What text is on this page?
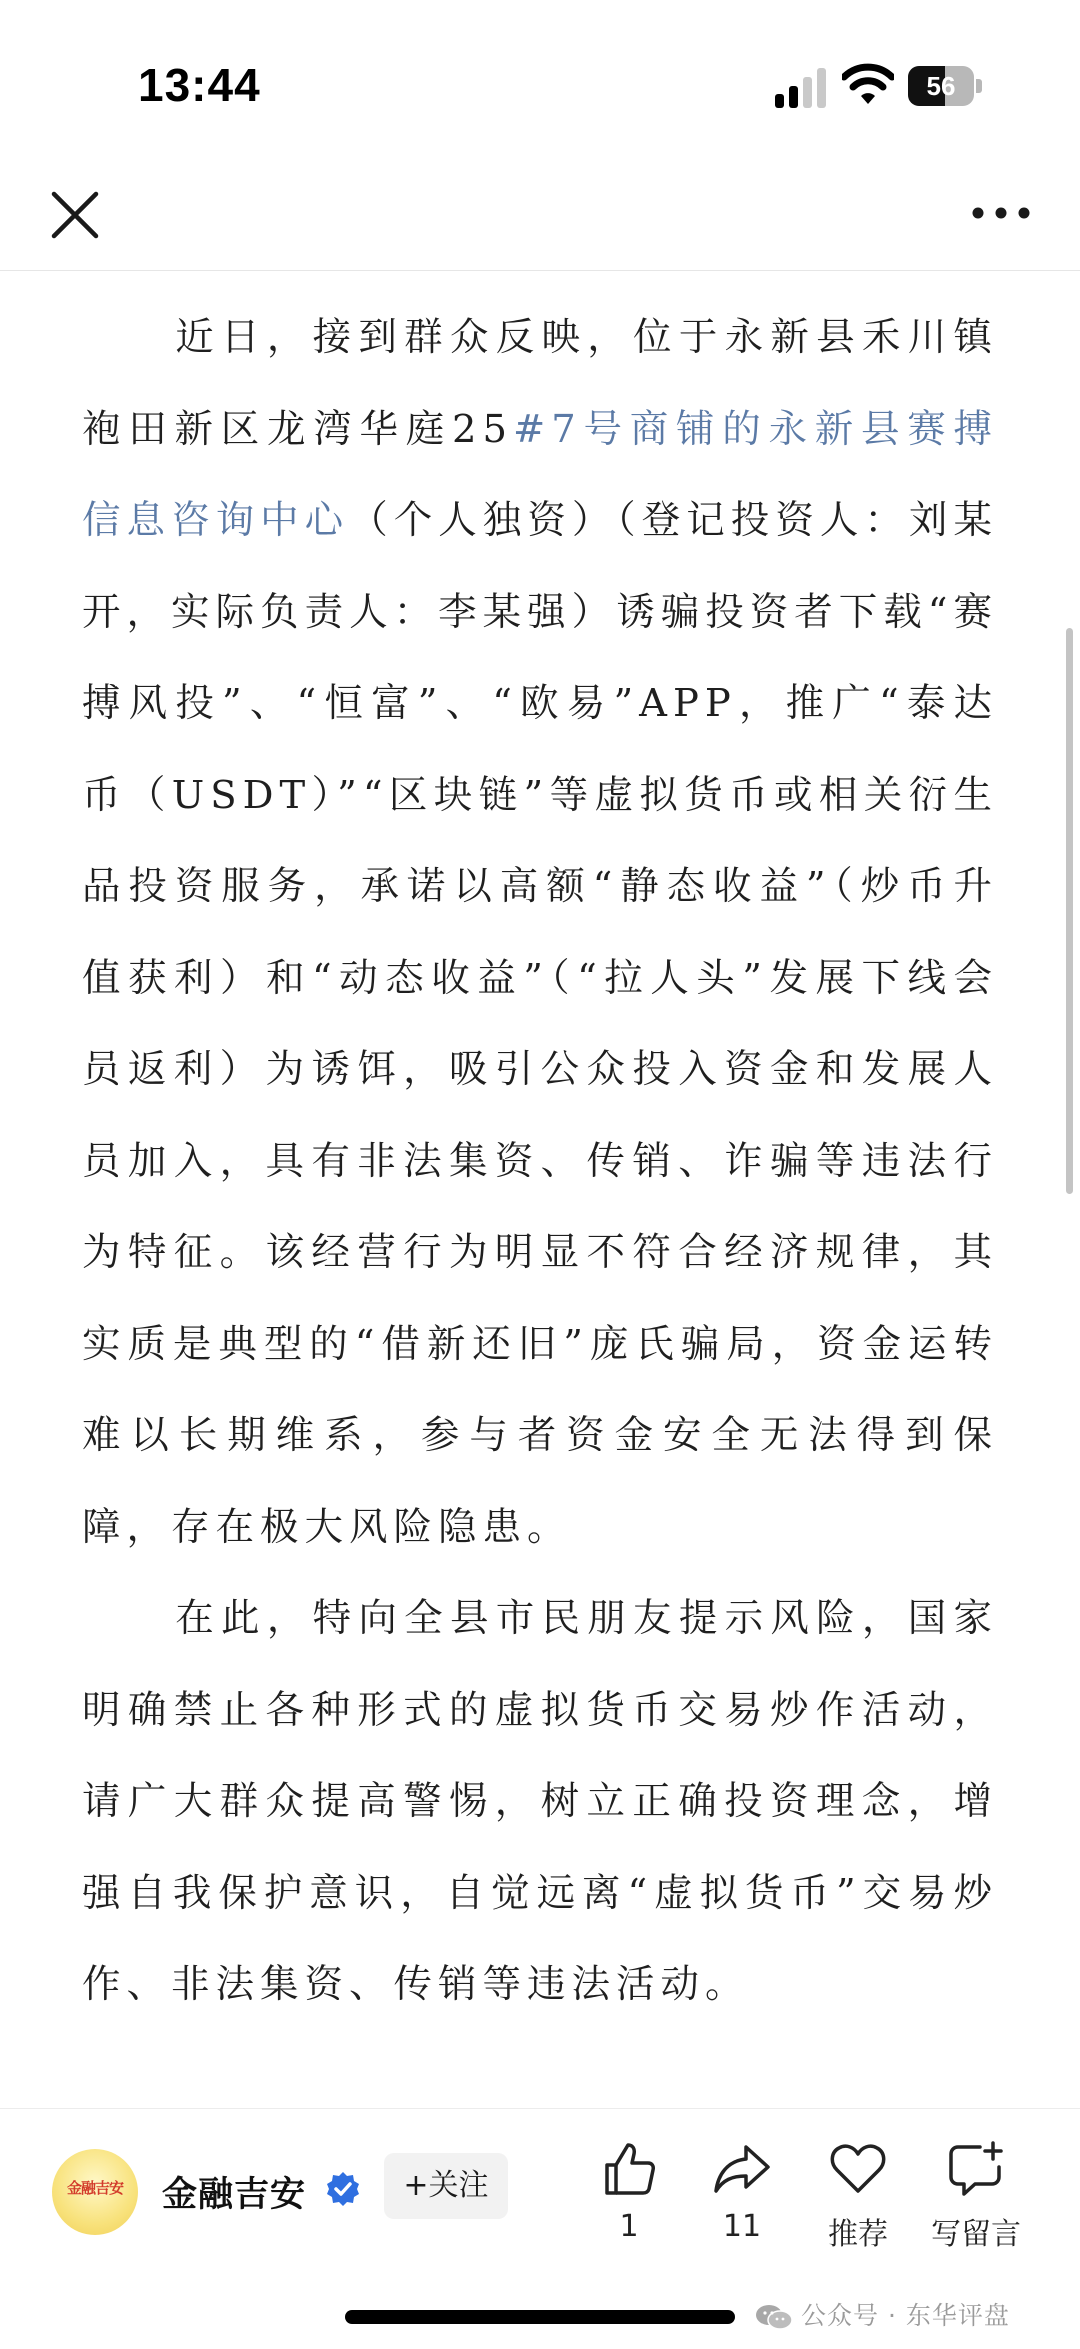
13:44	56

近日，接到群众反映，位于永新县禾川镇袍田新区龙湾华庭25#7号商铺的永新县赛搏信息咨询中心（个人独资）（登记投资人：刘某开，实际负责人：李某强）诱骗投资者下载“赛搏风投”、“恒富”、“欧易”APP，推广“泰达币（USDT）”“区块链”等虚拟货币或相关衍生品投资服务，承诺以高额“静态收益”（炒币升值获利）和“动态收益”（“拉人头”发展下线会员返利）为诱饵，吸引公众投入资金和发展人员加入，具有非法集资、传销、诈骗等违法行为特征。该经营行为明显不符合经济规律，其实质是典型的“借新还旧”庞氏骗局，资金运转难以长期维系，参与者资金安全无法得到保障，存在极大风险隐患。

在此，特向全县市民朋友提示风险，国家明确禁止各种形式的虚拟货币交易炒作活动，请广大群众提高警惕，树立正确投资理念，增强自我保护意识，自觉远离“虚拟货币”交易炒作、非法集资、传销等违法活动。

金融吉安	金融吉安	+关注
1	11	推荐	写留言
公众号 · 东华评盘
